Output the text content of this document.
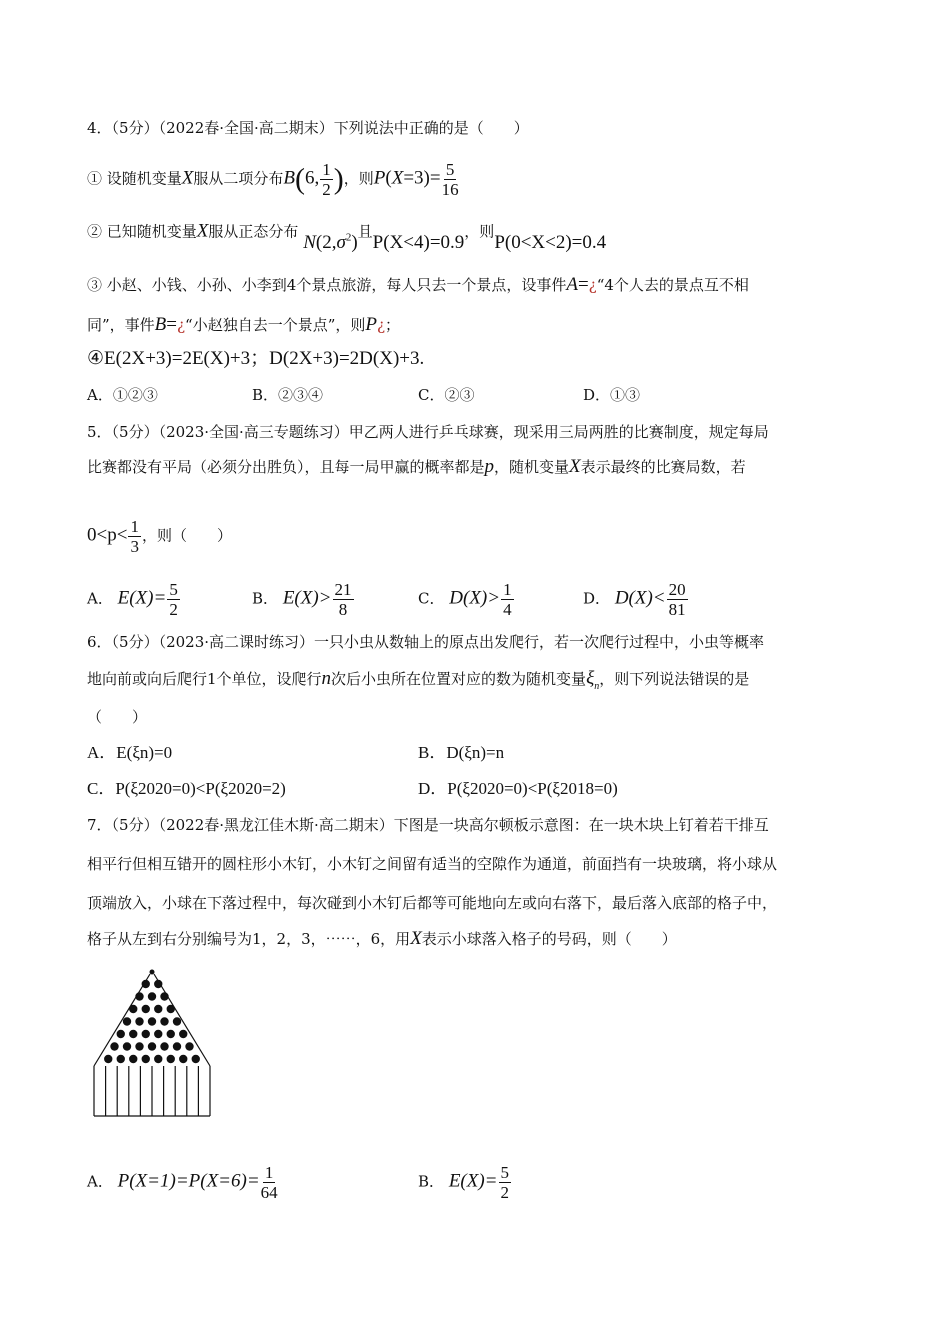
4．（5分）（2022春·全国·高二期末）下列说法中正确的是（　　）
① 设随机变量X服从二项分布B(6, $\frac{1}{2}$ )，则$P(X=3)= \frac{5}{16}$
② 已知随机变量X服从正态分布 $N(2,\sigma^2)$且P(X<4)=0.9，则P(0<X<2)=0.4
③ 小赵、小钱、小孙、小李到4个景点旅游，每人只去一个景点，设事件A=¿“4个人去的景点互不相
同”，事件B=¿“小赵独自去一个景点”，则P¿；
④E(2X+3)=2E(X)+3；D(2X+3)=2D(X)+3.
A．①②③	B．②③④	C．②③	D．①③
5．（5分）（2023·全国·高三专题练习）甲乙两人进行乒乓球赛，现采用三局两胜的比赛制度，规定每局
比赛都没有平局（必须分出胜负），且每一局甲赢的概率都是p，随机变量X表示最终的比赛局数，若
$0<p< \frac{1}{3}$ ，则（　　）
A． $E(X)= \frac{5}{2}$	B． $E(X)> \frac{21}{8}$	C． $D(X)> \frac{1}{4}$	D． $D(X)< \frac{20}{81}$
6．（5分）（2023·高二课时练习）一只小虫从数轴上的原点出发爬行，若一次爬行过程中，小虫等概率
地向前或向后爬行1个单位，设爬行n次后小虫所在位置对应的数为随机变量$\xi_n$，则下列说法错误的是
（　　）
A．E(ξn)=0	B．D(ξn)=n
C．P(ξ2020=0)<P(ξ2020=2)	D．P(ξ2020=0)<P(ξ2018=0)
7．（5分）（2022春·黑龙江佳木斯·高二期末）下图是一块高尔顿板示意图：在一块木块上钉着若干排互
相平行但相互错开的圆柱形小木钉，小木钉之间留有适当的空隙作为通道，前面挡有一块玻璃，将小球从
顶端放入，小球在下落过程中，每次碰到小木钉后都等可能地向左或向右落下，最后落入底部的格子中，
格子从左到右分别编号为1，2，3，⋯⋯，6，用X表示小球落入格子的号码，则（　　）
A． $P(X=1)=P(X=6)= \frac{1}{64}$	B． $E(X)= \frac{5}{2}$
